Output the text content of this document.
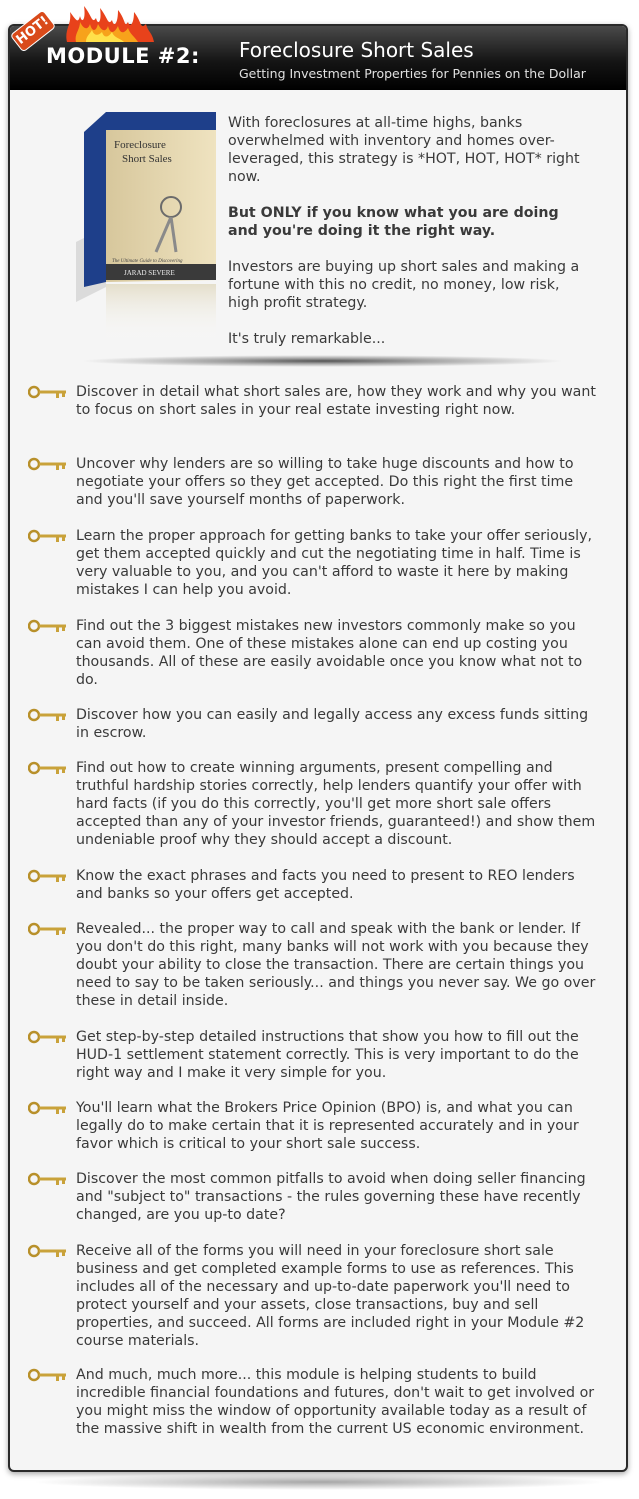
Foreclosure Short Sales
Getting Investment Properties for Pennies on the Dollar
HOT!
MODULE #2:
Foreclosure
Short Sales
The Ultimate Guide to Discovering
JARAD SEVERE

With foreclosures at all-time highs, banks overwhelmed with inventory and homes over-leveraged, this strategy is *HOT, HOT, HOT* right now.

But ONLY if you know what you are doing and you're doing it the right way.

Investors are buying up short sales and making a fortune with this no credit, no money, low risk, high profit strategy.

It's truly remarkable...

Discover in detail what short sales are, how they work and why you want to focus on short sales in your real estate investing right now.
Uncover why lenders are so willing to take huge discounts and how to negotiate your offers so they get accepted. Do this right the first time and you'll save yourself months of paperwork.
Learn the proper approach for getting banks to take your offer seriously, get them accepted quickly and cut the negotiating time in half. Time is very valuable to you, and you can't afford to waste it here by making mistakes I can help you avoid.
Find out the 3 biggest mistakes new investors commonly make so you can avoid them. One of these mistakes alone can end up costing you thousands. All of these are easily avoidable once you know what not to do.
Discover how you can easily and legally access any excess funds sitting in escrow.
Find out how to create winning arguments, present compelling and truthful hardship stories correctly, help lenders quantify your offer with hard facts (if you do this correctly, you'll get more short sale offers accepted than any of your investor friends, guaranteed!) and show them undeniable proof why they should accept a discount.
Know the exact phrases and facts you need to present to REO lenders and banks so your offers get accepted.
Revealed... the proper way to call and speak with the bank or lender. If you don't do this right, many banks will not work with you because they doubt your ability to close the transaction. There are certain things you need to say to be taken seriously... and things you never say. We go over these in detail inside.
Get step-by-step detailed instructions that show you how to fill out the HUD-1 settlement statement correctly. This is very important to do the right way and I make it very simple for you.
You'll learn what the Brokers Price Opinion (BPO) is, and what you can legally do to make certain that it is represented accurately and in your favor which is critical to your short sale success.
Discover the most common pitfalls to avoid when doing seller financing and "subject to" transactions - the rules governing these have recently changed, are you up-to date?
Receive all of the forms you will need in your foreclosure short sale business and get completed example forms to use as references. This includes all of the necessary and up-to-date paperwork you'll need to protect yourself and your assets, close transactions, buy and sell properties, and succeed. All forms are included right in your Module #2 course materials.
And much, much more... this module is helping students to build incredible financial foundations and futures, don't wait to get involved or you might miss the window of opportunity available today as a result of the massive shift in wealth from the current US economic environment.
